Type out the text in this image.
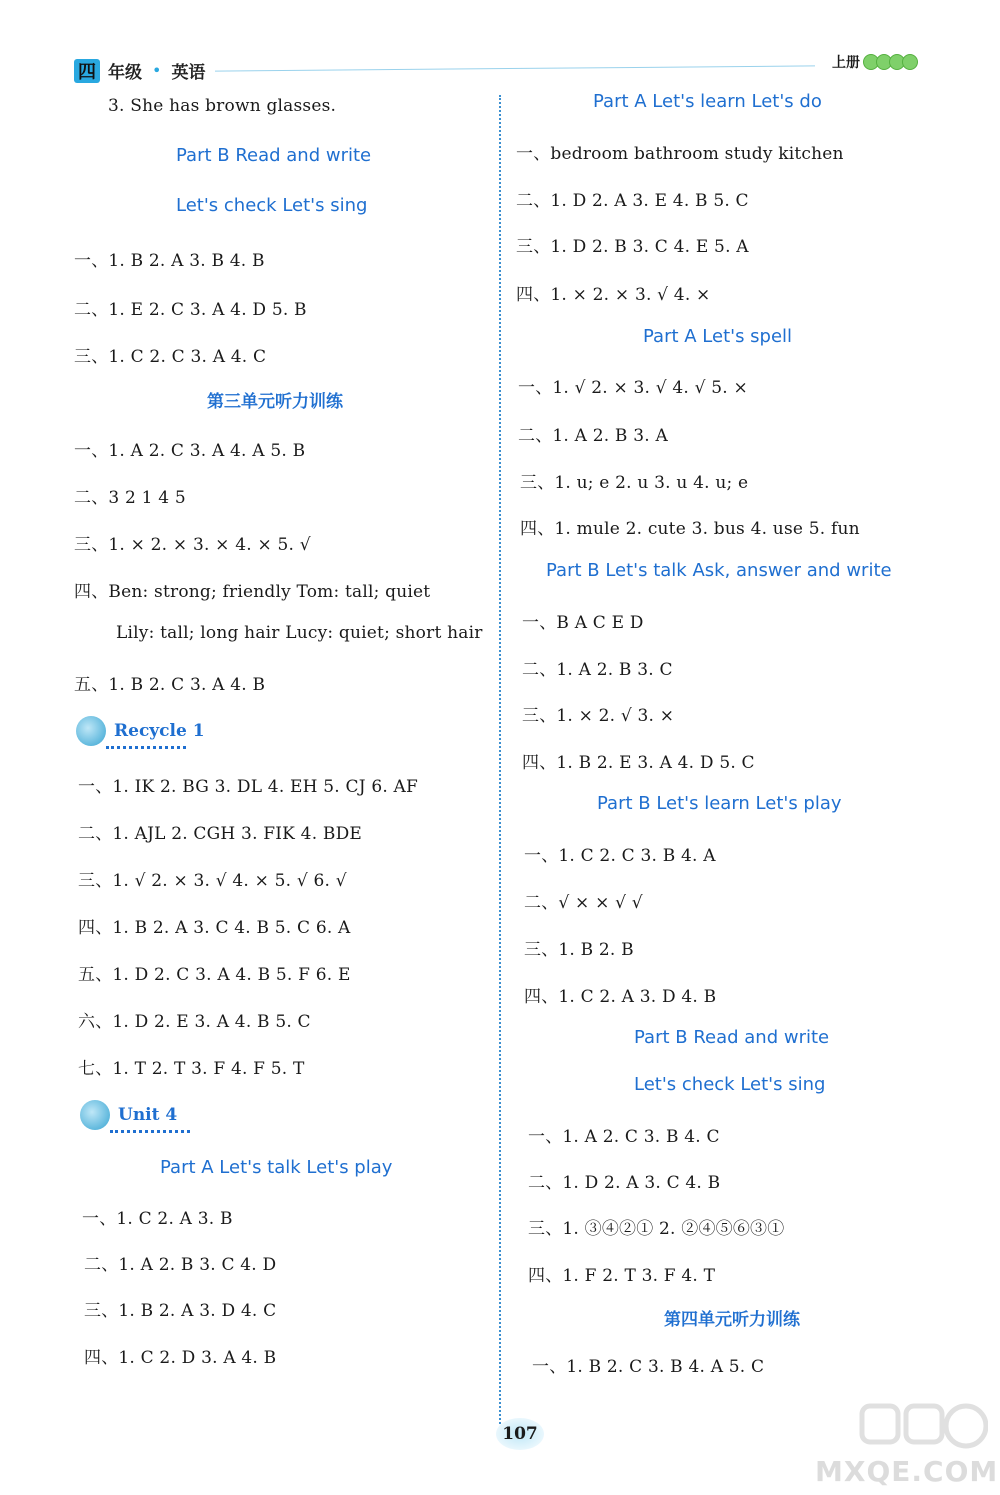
四 年级 • 英语	上册
3. She has brown glasses.
Part B Read and write
Let's check Let's sing
一、1. B 2. A 3. B 4. B
二、1. E 2. C 3. A 4. D 5. B
三、1. C 2. C 3. A 4. C
第三单元听力训练
一、1. A 2. C 3. A 4. A 5. B
二、3 2 1 4 5
三、1. × 2. × 3. × 4. × 5. √
四、Ben: strong; friendly Tom: tall; quiet
Lily: tall; long hair Lucy: quiet; short hair
五、1. B 2. C 3. A 4. B
Recycle 1
一、1. IK 2. BG 3. DL 4. EH 5. CJ 6. AF
二、1. AJL 2. CGH 3. FIK 4. BDE
三、1. √ 2. × 3. √ 4. × 5. √ 6. √
四、1. B 2. A 3. C 4. B 5. C 6. A
五、1. D 2. C 3. A 4. B 5. F 6. E
六、1. D 2. E 3. A 4. B 5. C
七、1. T 2. T 3. F 4. F 5. T
Unit 4
Part A Let's talk Let's play
一、1. C 2. A 3. B
二、1. A 2. B 3. C 4. D
三、1. B 2. A 3. D 4. C
四、1. C 2. D 3. A 4. B
Part A Let's learn Let's do
一、bedroom bathroom study kitchen
二、1. D 2. A 3. E 4. B 5. C
三、1. D 2. B 3. C 4. E 5. A
四、1. × 2. × 3. √ 4. ×
Part A Let's spell
一、1. √ 2. × 3. √ 4. √ 5. ×
二、1. A 2. B 3. A
三、1. u; e 2. u 3. u 4. u; e
四、1. mule 2. cute 3. bus 4. use 5. fun
Part B Let's talk Ask, answer and write
一、B A C E D
二、1. A 2. B 3. C
三、1. × 2. √ 3. ×
四、1. B 2. E 3. A 4. D 5. C
Part B Let's learn Let's play
一、1. C 2. C 3. B 4. A
二、√ × × √ √
三、1. B 2. B
四、1. C 2. A 3. D 4. B
Part B Read and write
Let's check Let's sing
一、1. A 2. C 3. B 4. C
二、1. D 2. A 3. C 4. B
三、1. ③④②① 2. ②④⑤⑥③①
四、1. F 2. T 3. F 4. T
第四单元听力训练
一、1. B 2. C 3. B 4. A 5. C
107
MXQE.COM
